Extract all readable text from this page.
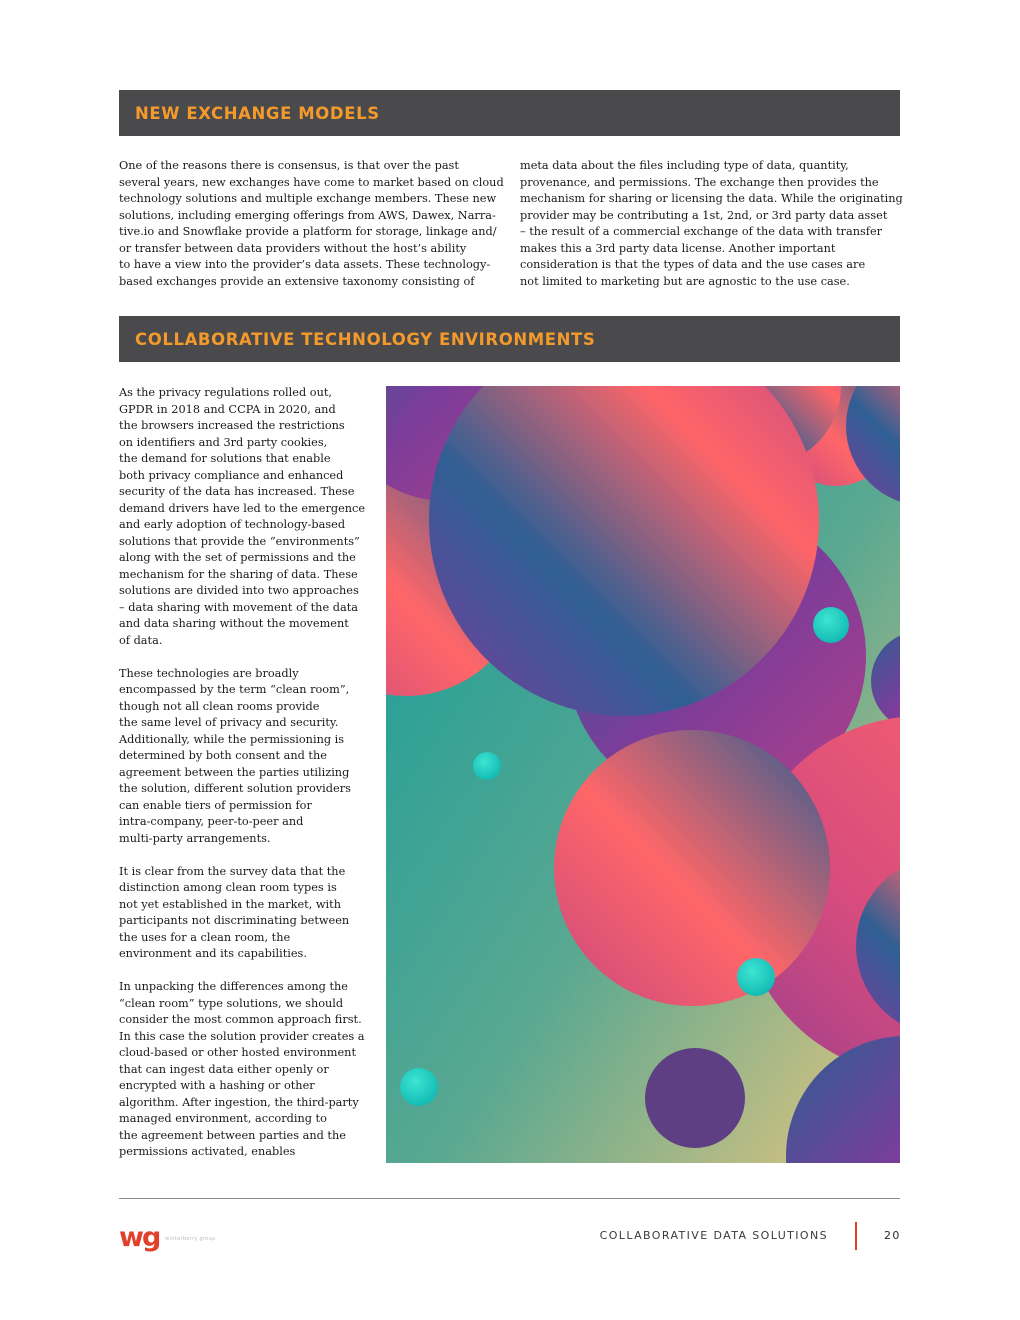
NEW EXCHANGE MODELS

One of the reasons there is consensus, is that over the past
several years, new exchanges have come to market based on cloud
technology solutions and multiple exchange members. These new
solutions, including emerging offerings from AWS, Dawex, Narra-
tive.io and Snowflake provide a platform for storage, linkage and/
or transfer between data providers without the host’s ability
to have a view into the provider’s data assets. These technology-
based exchanges provide an extensive taxonomy consisting of

meta data about the files including type of data, quantity,
provenance, and permissions. The exchange then provides the
mechanism for sharing or licensing the data. While the originating
provider may be contributing a 1st, 2nd, or 3rd party data asset
– the result of a commercial exchange of the data with transfer
makes this a 3rd party data license. Another important
consideration is that the types of data and the use cases are
not limited to marketing but are agnostic to the use case.

COLLABORATIVE TECHNOLOGY ENVIRONMENTS

As the privacy regulations rolled out,
GPDR in 2018 and CCPA in 2020, and
the browsers increased the restrictions
on identifiers and 3rd party cookies,
the demand for solutions that enable
both privacy compliance and enhanced
security of the data has increased. These
demand drivers have led to the emergence
and early adoption of technology-based
solutions that provide the “environments”
along with the set of permissions and the
mechanism for the sharing of data. These
solutions are divided into two approaches
– data sharing with movement of the data
and data sharing without the movement
of data.

These technologies are broadly
encompassed by the term “clean room”,
though not all clean rooms provide
the same level of privacy and security.
Additionally, while the permissioning is
determined by both consent and the
agreement between the parties utilizing
the solution, different solution providers
can enable tiers of permission for
intra-company, peer-to-peer and
multi-party arrangements.

It is clear from the survey data that the
distinction among clean room types is
not yet established in the market, with
participants not discriminating between
the uses for a clean room, the
environment and its capabilities.

In unpacking the differences among the
“clean room” type solutions, we should
consider the most common approach first.
In this case the solution provider creates a
cloud-based or other hosted environment
that can ingest data either openly or
encrypted with a hashing or other
algorithm. After ingestion, the third-party
managed environment, according to
the agreement between parties and the
permissions activated, enables

wg winterberry group	COLLABORATIVE DATA SOLUTIONS	20
